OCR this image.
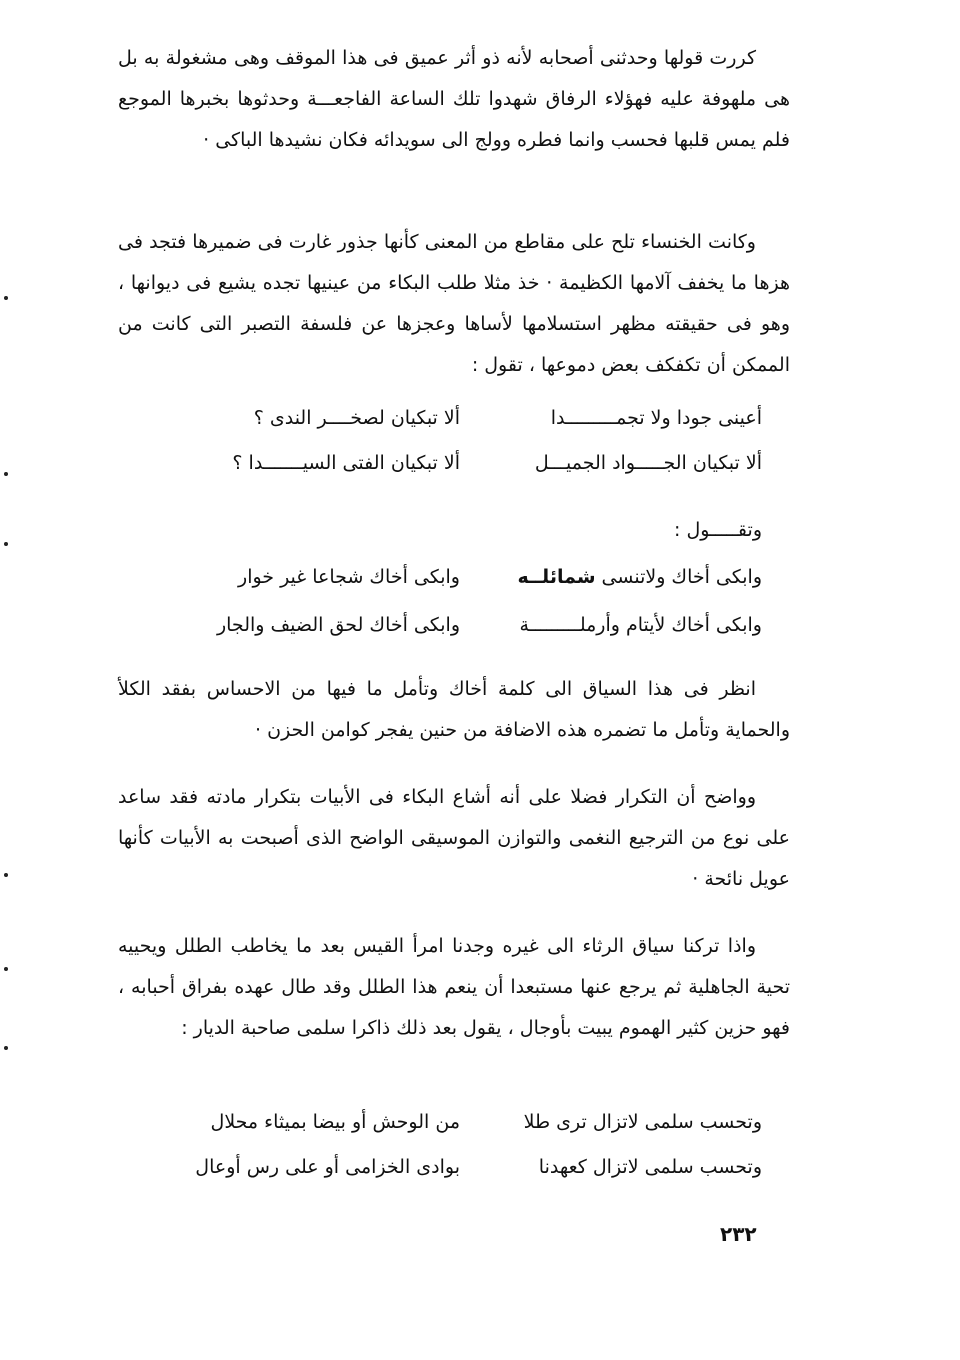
كررت قولها وحدثنى أصحابه لأنه ذو أثر عميق فى هذا الموقف وهى مشغولة به بل هى ملهوفة عليه فهؤلاء الرفاق شهدوا تلك الساعة الفاجعـــة وحدثوها بخبرها الموجع فلم يمس قلبها فحسب وانما فطره وولج الى سويدائه فكان نشيدها الباكى ·

وكانت الخنساء تلح على مقاطع من المعنى كأنها جذور غارت فى ضميرها فتجد فى هزها ما يخفف آلامها الكظيمة · خذ مثلا طلب البكاء من عينيها تجده يشيع فى ديوانها ، وهو فى حقيقته مظهر استسلامها لأساها وعجزها عن فلسفة التصبر التى كانت من الممكن أن تكفكف بعض دموعها ، تقول :

أعينى جودا ولا تجمـــــــــدا
ألا تبكيان لصخــــر الندى ؟
ألا تبكيان الجـــــواد الجميـــل
ألا تبكيان الفتى السيـــــــدا ؟
وتقـــــول :
وابكى أخاك ولاتنسى شمائلــه
وابكى أخاك شجاعا غير خوار
وابكى أخاك لأيتام وأرملـــــــــة
وابكى أخاك لحق الضيف والجار

انظر فى هذا السياق الى كلمة أخاك وتأمل ما فيها من الاحساس بفقد الكلأ والحماية وتأمل ما تضمره هذه الاضافة من حنين يفجر كوامن الحزن ·

وواضح أن التكرار فضلا على أنه أشاع البكاء فى الأبيات بتكرار مادته فقد ساعد على نوع من الترجيع النغمى والتوازن الموسيقى الواضح الذى أصبحت به الأبيات كأنها عويل نائحة ·

واذا تركنا سياق الرثاء الى غيره وجدنا امرأ القيس بعد ما يخاطب الطلل ويحييه تحية الجاهلية ثم يرجع عنها مستبعدا أن ينعم هذا الطلل وقد طال عهده بفراق أحبابه ، فهو حزين كثير الهموم يبيت بأوجال ، يقول بعد ذلك ذاكرا سلمى صاحبة الديار :

وتحسب سلمى لاتزال ترى طلا
من الوحش أو بيضا بميثاء محلال
وتحسب سلمى لاتزال كعهدنا
بوادى الخزامى أو على رس أوعال
٢٣٢
